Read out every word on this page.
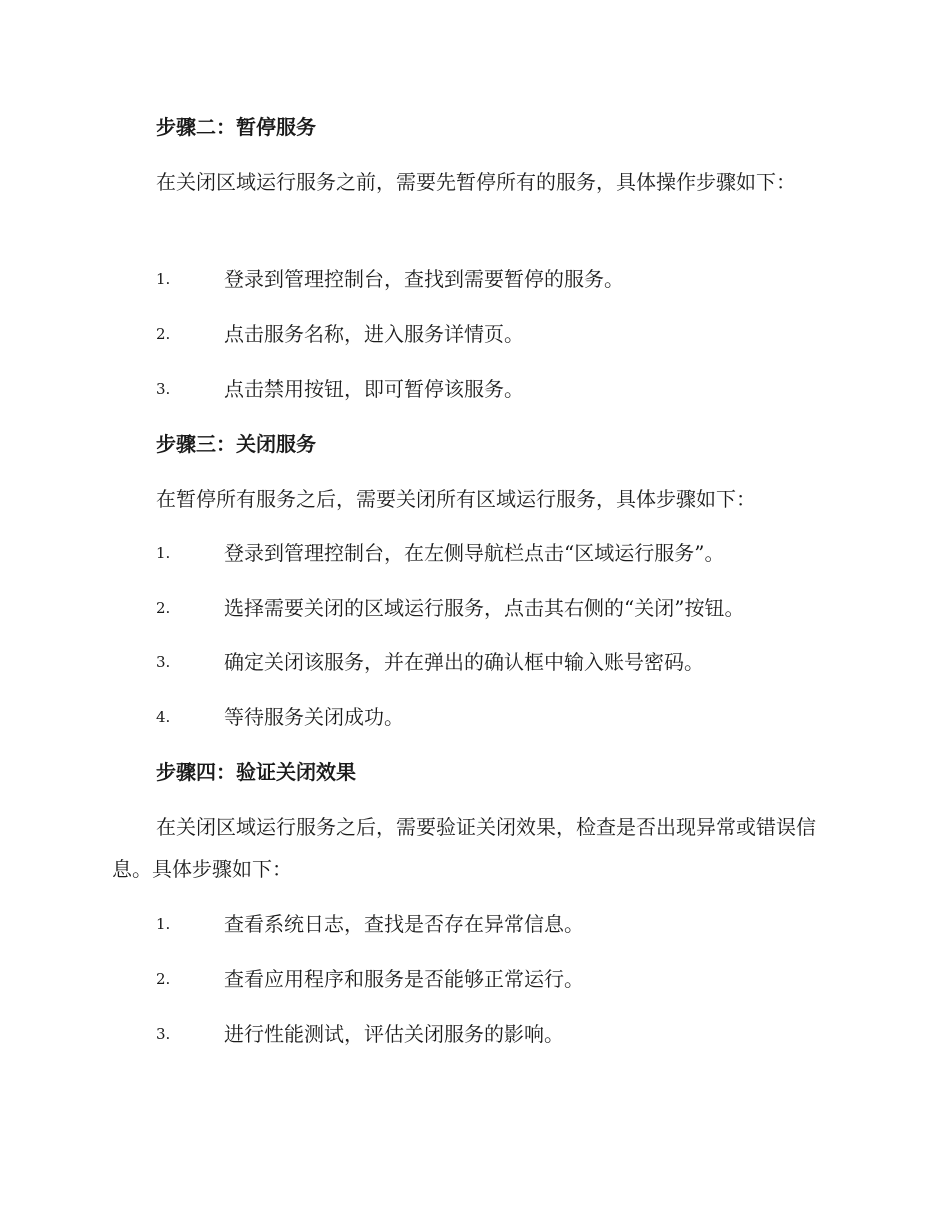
步骤二：暂停服务
在关闭区域运行服务之前，需要先暂停所有的服务，具体操作步骤如下：
1.	登录到管理控制台，查找到需要暂停的服务。
2.	点击服务名称，进入服务详情页。
3.	点击禁用按钮，即可暂停该服务。
步骤三：关闭服务
在暂停所有服务之后，需要关闭所有区域运行服务，具体步骤如下：
1.	登录到管理控制台，在左侧导航栏点击“区域运行服务”。
2.	选择需要关闭的区域运行服务，点击其右侧的“关闭”按钮。
3.	确定关闭该服务，并在弹出的确认框中输入账号密码。
4.	等待服务关闭成功。
步骤四：验证关闭效果
在关闭区域运行服务之后，需要验证关闭效果，检查是否出现异常或错误信息。具体步骤如下：
1.	查看系统日志，查找是否存在异常信息。
2.	查看应用程序和服务是否能够正常运行。
3.	进行性能测试，评估关闭服务的影响。
